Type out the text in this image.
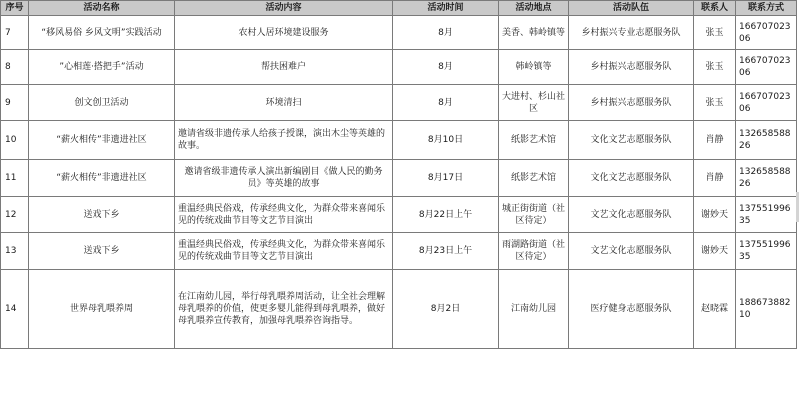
序号	活动名称	活动内容	活动时间	活动地点	活动队伍	联系人	联系方式
7	“移风易俗 乡风文明”实践活动	农村人居环境建设服务	8月	美香、韩岭镇等	乡村振兴专业志愿服务队	张玉	16670702306
8	”心相莲·搭把手”活动	帮扶困难户	8月	韩岭镇等	乡村振兴志愿服务队	张玉	16670702306
9	创文创卫活动	环境清扫	8月	大进村、杉山社区	乡村振兴志愿服务队	张玉	16670702306
10	“薪火相传”非遗进社区	邀请省级非遗传承人给孩子授课，演出木尘等英雄的故事。	8月10日	纸影艺术馆	文化文艺志愿服务队	肖静	13265858826
11	“薪火相传”非遗进社区	邀请省级非遗传承人演出新编剧目《做人民的勤务员》等英雄的故事	8月17日	纸影艺术馆	文化文艺志愿服务队	肖静	13265858826
12	送戏下乡	重温经典民俗戏，传承经典文化，为群众带来喜闻乐见的传统戏曲节目等文艺节目演出	8月22日上午	城正街街道（社区待定）	文艺文化志愿服务队	谢妙天	13755199635
13	送戏下乡	重温经典民俗戏，传承经典文化，为群众带来喜闻乐见的传统戏曲节目等文艺节目演出	8月23日上午	雨湖路街道（社区待定）	文艺文化志愿服务队	谢妙天	13755199635
14	世界母乳喂养周	在江南幼儿园，举行母乳喂养周活动，让全社会理解母乳喂养的价值，使更多婴儿能得到母乳喂养，做好母乳喂养宣传教育，加强母乳喂养咨询指导。	8月2日	江南幼儿园	医疗健身志愿服务队	赵晓霖	18867388210
